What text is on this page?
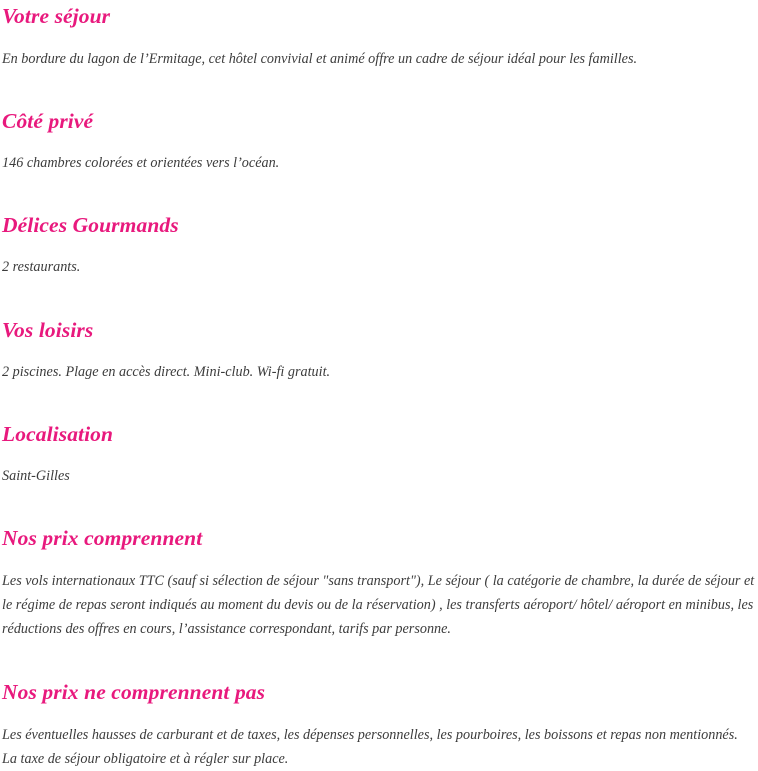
Votre séjour

En bordure du lagon de l’Ermitage, cet hôtel convivial et animé offre un cadre de séjour idéal pour les familles.

Côté privé

146 chambres colorées et orientées vers l’océan.

Délices Gourmands

2 restaurants.

Vos loisirs

2 piscines. Plage en accès direct. Mini-club. Wi-fi gratuit.

Localisation

Saint-Gilles

Nos prix comprennent

Les vols internationaux TTC (sauf si sélection de séjour "sans transport"), Le séjour ( la catégorie de chambre, la durée de séjour et le régime de repas seront indiqués au moment du devis ou de la réservation) , les transferts aéroport/ hôtel/ aéroport en minibus, les réductions des offres en cours, l’assistance correspondant, tarifs par personne.

Nos prix ne comprennent pas

Les éventuelles hausses de carburant et de taxes, les dépenses personnelles, les pourboires, les boissons et repas non mentionnés. La taxe de séjour obligatoire et à régler sur place.
